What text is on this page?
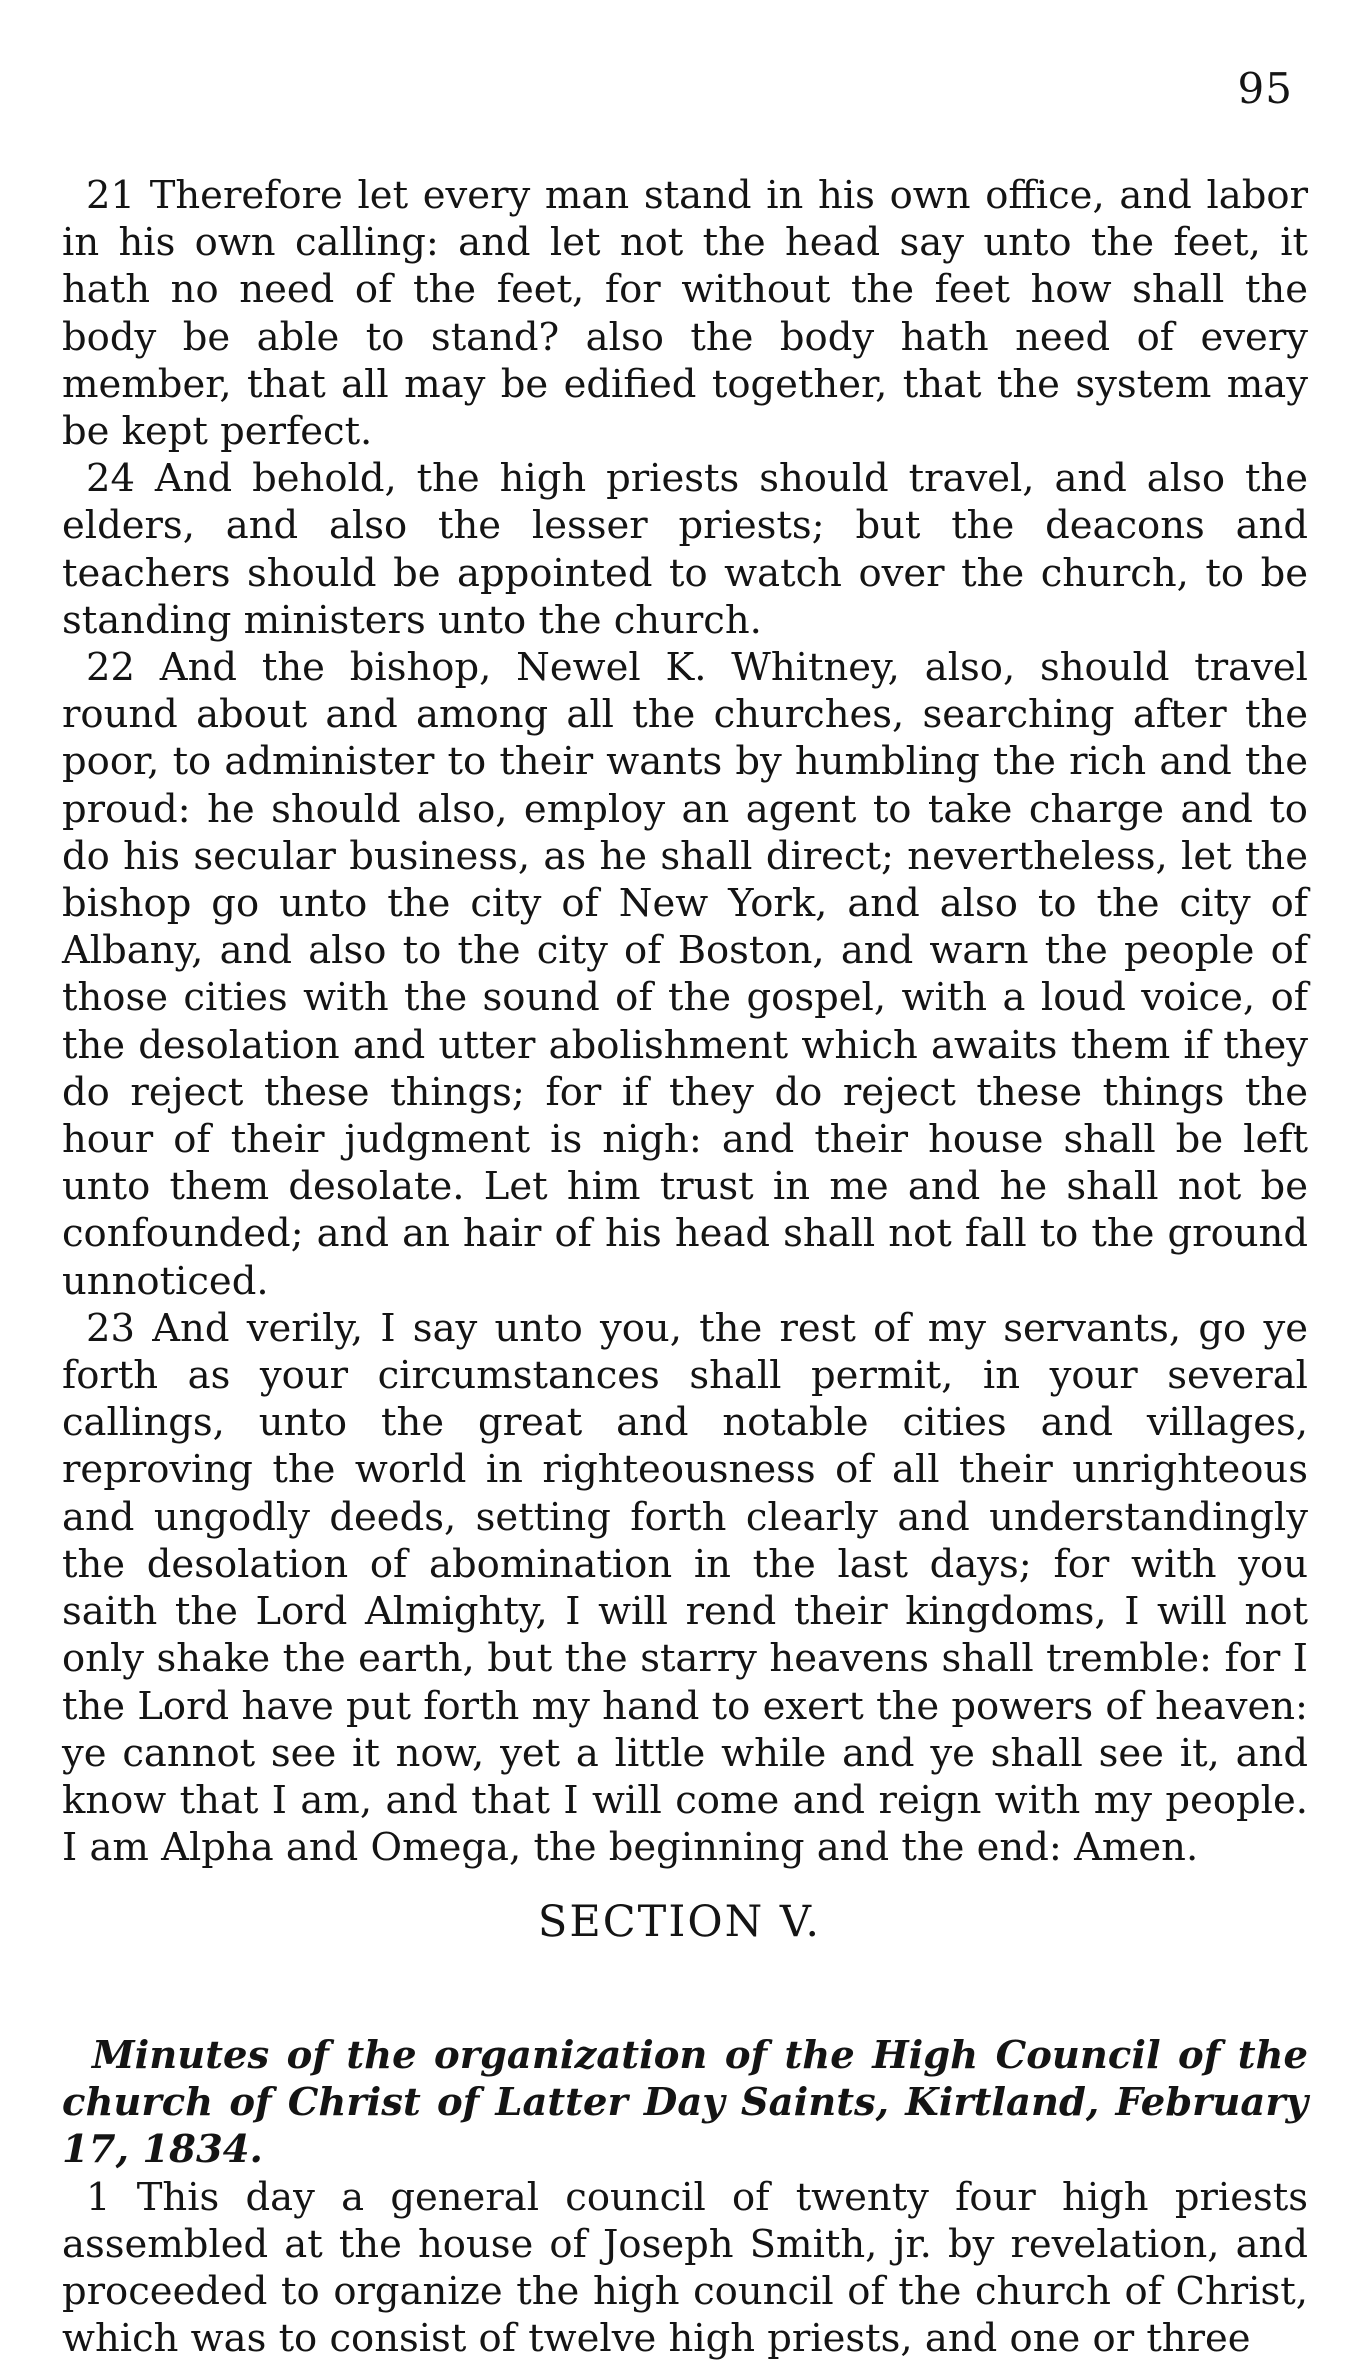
95

21 Therefore let every man stand in his own office, and labor in his own calling: and let not the head say unto the feet, it hath no need of the feet, for without the feet how shall the body be able to stand? also the body hath need of every member, that all may be edified together, that the system may be kept perfect.

24 And behold, the high priests should travel, and also the elders, and also the lesser priests; but the deacons and teachers should be appointed to watch over the church, to be standing ministers unto the church.

22 And the bishop, Newel K. Whitney, also, should travel round about and among all the churches, searching after the poor, to administer to their wants by humbling the rich and the proud: he should also, employ an agent to take charge and to do his secular business, as he shall direct; nevertheless, let the bishop go unto the city of New York, and also to the city of Albany, and also to the city of Boston, and warn the people of those cities with the sound of the gospel, with a loud voice, of the desolation and utter abolishment which awaits them if they do reject these things; for if they do reject these things the hour of their judgment is nigh: and their house shall be left unto them desolate. Let him trust in me and he shall not be confounded; and an hair of his head shall not fall to the ground unnoticed.

23 And verily, I say unto you, the rest of my servants, go ye forth as your circumstances shall permit, in your several callings, unto the great and notable cities and villages, reproving the world in righteousness of all their unrighteous and ungodly deeds, setting forth clearly and understandingly the desolation of abomination in the last days; for with you saith the Lord Almighty, I will rend their kingdoms, I will not only shake the earth, but the starry heavens shall tremble: for I the Lord have put forth my hand to exert the powers of heaven: ye cannot see it now, yet a little while and ye shall see it, and know that I am, and that I will come and reign with my people. I am Alpha and Omega, the beginning and the end: Amen.

SECTION V.

Minutes of the organization of the High Council of the church of Christ of Latter Day Saints, Kirtland, February 17, 1834.

1 This day a general council of twenty four high priests assembled at the house of Joseph Smith, jr. by revelation, and proceeded to organize the high council of the church of Christ, which was to consist of twelve high priests, and one or three
